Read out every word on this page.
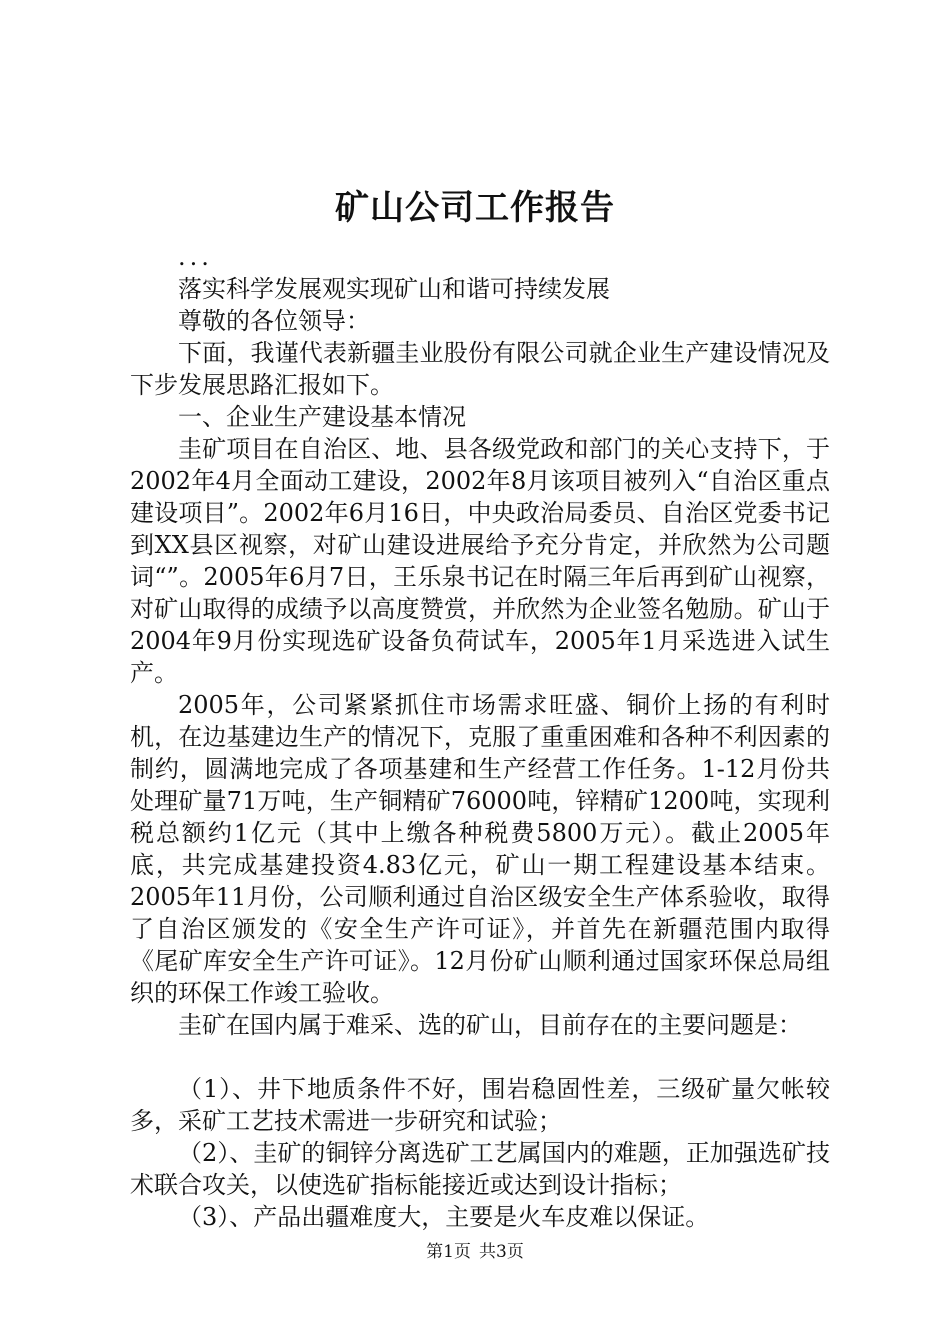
矿山公司工作报告

...

落实科学发展观实现矿山和谐可持续发展

尊敬的各位领导：

下面，我谨代表新疆圭业股份有限公司就企业生产建设情况及下步发展思路汇报如下。

一、企业生产建设基本情况

圭矿项目在自治区、地、县各级党政和部门的关心支持下，于2002年4月全面动工建设，2002年8月该项目被列入“自治区重点建设项目”。2002年6月16日，中央政治局委员、自治区党委书记到XX县区视察，对矿山建设进展给予充分肯定，并欣然为公司题词“”。2005年6月7日，王乐泉书记在时隔三年后再到矿山视察，对矿山取得的成绩予以高度赞赏，并欣然为企业签名勉励。矿山于2004年9月份实现选矿设备负荷试车，2005年1月采选进入试生产。

2005年，公司紧紧抓住市场需求旺盛、铜价上扬的有利时机，在边基建边生产的情况下，克服了重重困难和各种不利因素的制约，圆满地完成了各项基建和生产经营工作任务。1-12月份共处理矿量71万吨，生产铜精矿76000吨，锌精矿1200吨，实现利税总额约1亿元（其中上缴各种税费5800万元）。截止2005年底，共完成基建投资4.83亿元，矿山一期工程建设基本结束。2005年11月份，公司顺利通过自治区级安全生产体系验收，取得了自治区颁发的《安全生产许可证》，并首先在新疆范围内取得《尾矿库安全生产许可证》。12月份矿山顺利通过国家环保总局组织的环保工作竣工验收。

圭矿在国内属于难采、选的矿山，目前存在的主要问题是：

（1）、井下地质条件不好，围岩稳固性差，三级矿量欠帐较多，采矿工艺技术需进一步研究和试验；

（2）、圭矿的铜锌分离选矿工艺属国内的难题，正加强选矿技术联合攻关，以使选矿指标能接近或达到设计指标；

（3）、产品出疆难度大，主要是火车皮难以保证。

第1页 共3页
